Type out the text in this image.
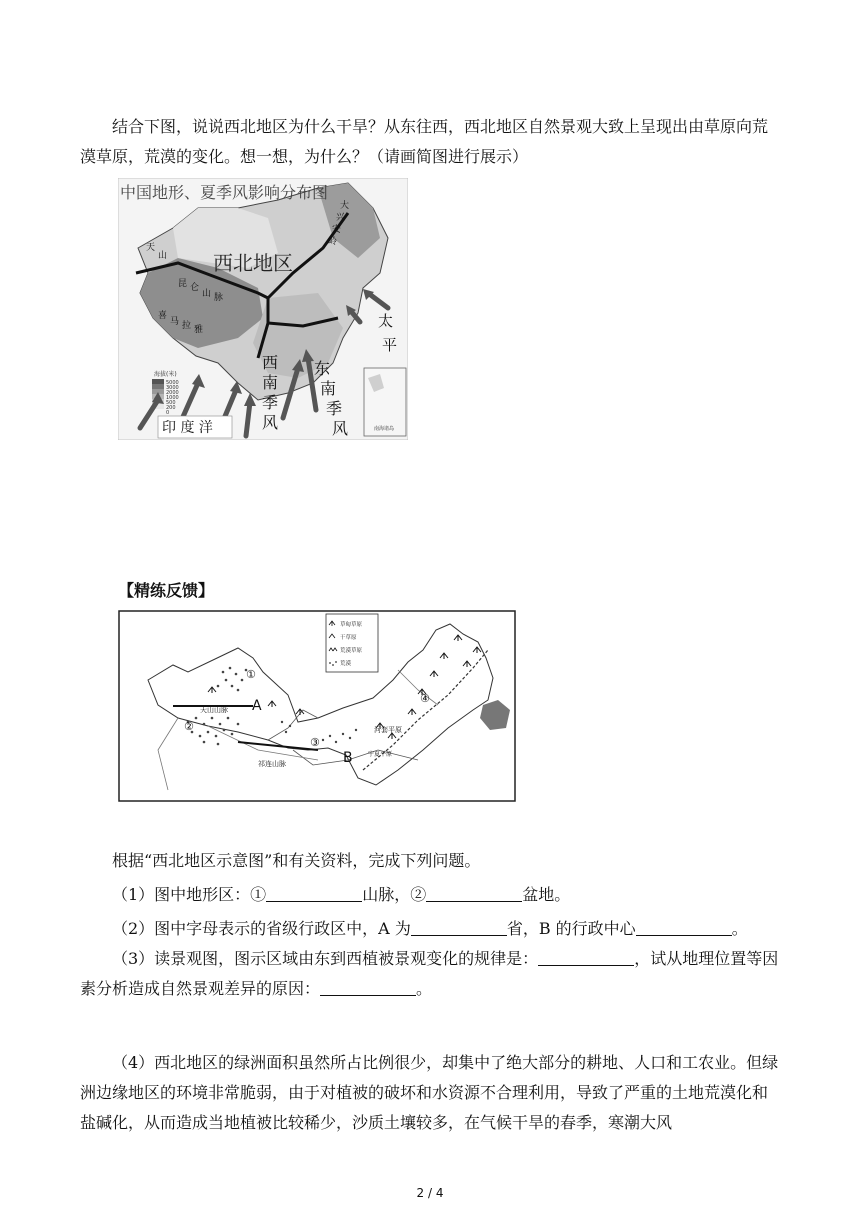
结合下图，说说西北地区为什么干旱？从东往西，西北地区自然景观大致上呈现出由草原向荒漠草原，荒漠的变化。想一想，为什么？（请画简图进行展示）

中国地形、夏季风影响分布图
西北地区
天
山
昆 仑
山 脉
大
兴
安
岭
喜
马 拉 雅
海拔(米)
5000
3000
2000
1000
500
200
0
太
平
印 度 洋
西
南
季
风
东
南
季
风	南海诸岛
【精练反馈】
草甸草原
干草原
荒漠草原
荒漠
天山山脉 A
祁连山脉	B
河套平原
宁夏平原
①
②
③
④

根据“西北地区示意图”和有关资料，完成下列问题。

（1）图中地形区：①	山脉，②	盆地。

（2）图中字母表示的省级行政区中，A 为	省，B 的行政中心	。

（3）读景观图，图示区域由东到西植被景观变化的规律是：	，试从地理位置等因素分析造成自然景观差异的原因：	。

（4）西北地区的绿洲面积虽然所占比例很少，却集中了绝大部分的耕地、人口和工农业。但绿洲边缘地区的环境非常脆弱，由于对植被的破坏和水资源不合理利用，导致了严重的土地荒漠化和盐碱化，从而造成当地植被比较稀少，沙质土壤较多，在气候干旱的春季，寒潮大风

2 / 4
